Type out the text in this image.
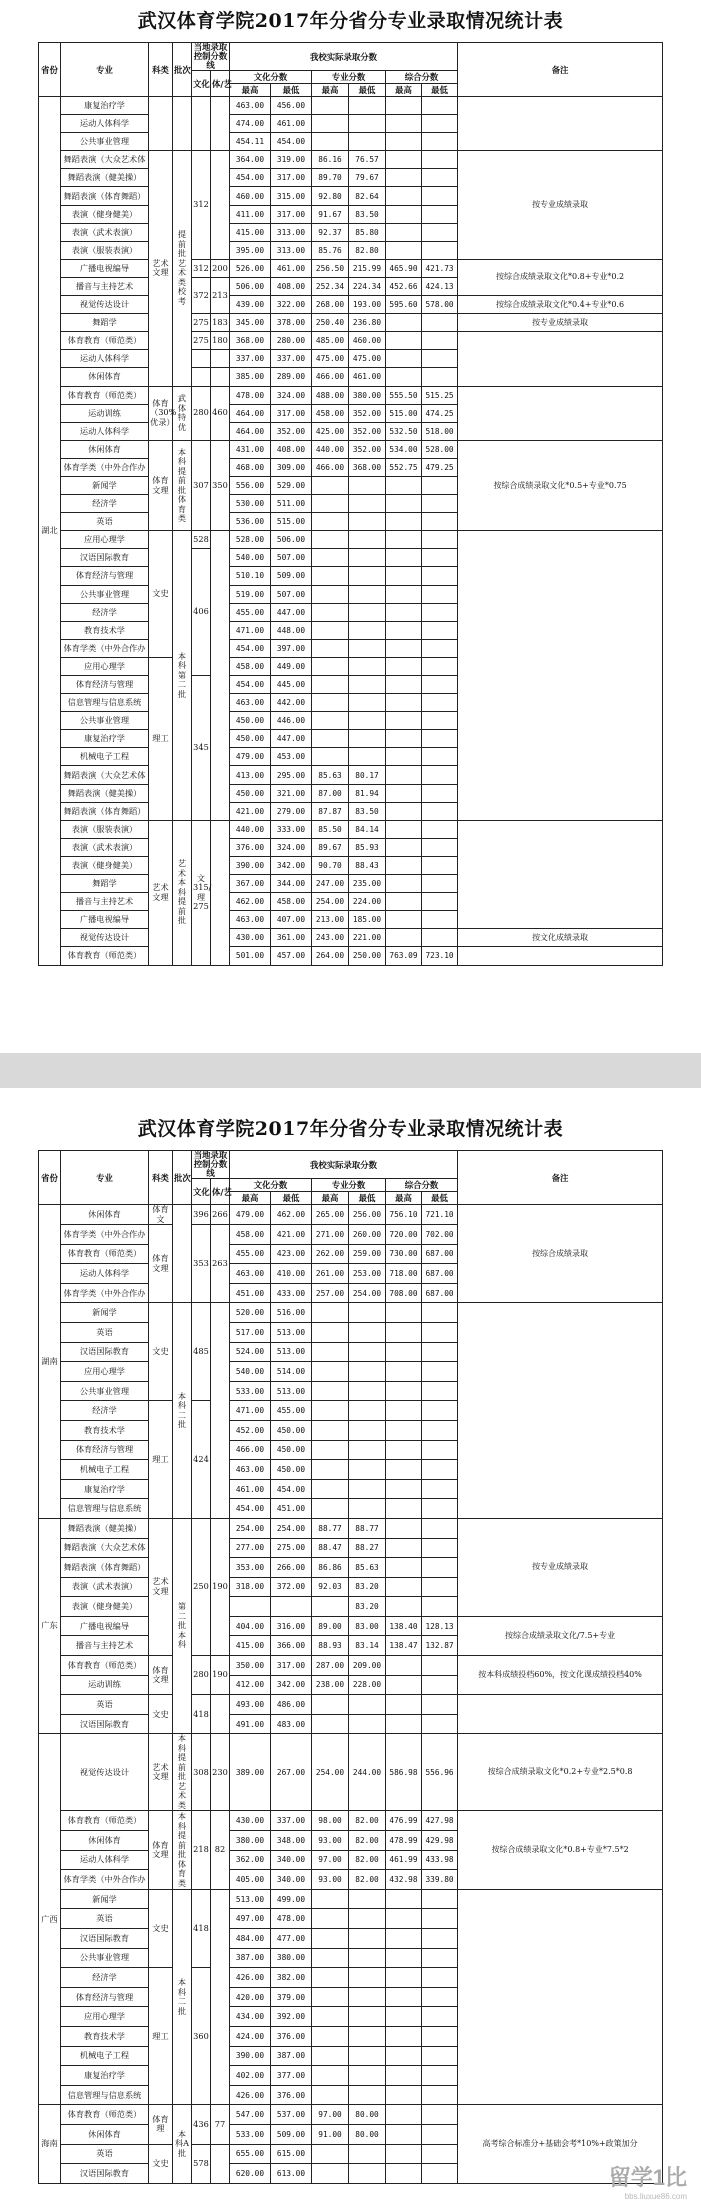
武汉体育学院2017年分省分专业录取情况统计表
省份	专业	科类	批次	当地录取控制分数线		我校实际录取分数						备注
				文化	体/艺	文化分数		专业分数		综合分数		
						最高	最低	最高	最低	最高	最低	
湖北	康复治疗学					463.00	456.00					
	运动人体科学					474.00	461.00					
	公共事业管理					454.11	454.00					
	舞蹈表演（大众艺术体	艺术文理	提前批艺术类校考	312		364.00	319.00	86.16	76.57			按专业成绩录取
	舞蹈表演（健美操）					454.00	317.00	89.70	79.67			
	舞蹈表演（体育舞蹈）					460.00	315.00	92.80	82.64			
	表演（健身健美）					411.00	317.00	91.67	83.50			
	表演（武术表演）					415.00	313.00	92.37	85.80			
	表演（服装表演）					395.00	313.00	85.76	82.80			
	广播电视编导			312	200	526.00	461.00	256.50	215.99	465.90	421.73	按综合成绩录取文化*0.8+专业*0.2
	播音与主持艺术			372	213	506.00	408.00	252.34	224.34	452.66	424.13	
	视觉传达设计					439.00	322.00	268.00	193.00	595.60	578.00	按综合成绩录取文化*0.4+专业*0.6
	舞蹈学			275	183	345.00	378.00	250.40	236.80			按专业成绩录取
	体育教育（师范类）			275	180	368.00	280.00	485.00	460.00			
	运动人体科学					337.00	337.00	475.00	475.00			
	休闲体育					385.00	289.00	466.00	461.00			
	体育教育（师范类）	体育（30%优录）	武体特优	280	460	478.00	324.00	488.00	380.00	555.50	515.25	
	运动训练					464.00	317.00	458.00	352.00	515.00	474.25	
	运动人体科学					464.00	352.00	425.00	352.00	532.50	518.00	
	休闲体育	体育文理	本科提前批体育类	307	350	431.00	408.00	440.00	352.00	534.00	528.00	按综合成绩录取文化*0.5+专业*0.75
	体育学类（中外合作办					468.00	309.00	466.00	368.00	552.75	479.25	
	新闻学					556.00	529.00					
	经济学					530.00	511.00					
	英语					536.00	515.00					
	应用心理学	文史	本科第二批	528		528.00	506.00					
	汉语国际教育			406		540.00	507.00					
	体育经济与管理					510.10	509.00					
	公共事业管理					519.00	507.00					
	经济学					455.00	447.00					
	教育技术学					471.00	448.00					
	体育学类（中外合作办					454.00	397.00					
	应用心理学	理工				458.00	449.00					
	体育经济与管理			345		454.00	445.00					
	信息管理与信息系统					463.00	442.00					
	公共事业管理					450.00	446.00					
	康复治疗学					450.00	447.00					
	机械电子工程					479.00	453.00					
	舞蹈表演（大众艺术体					413.00	295.00	85.63	80.17			
	舞蹈表演（健美操）					450.00	321.00	87.00	81.94			
	舞蹈表演（体育舞蹈）					421.00	279.00	87.87	83.50			
	表演（服装表演）	艺术文理	艺术本科提前批	文315/理275		440.00	333.00	85.50	84.14			
	表演（武术表演）					376.00	324.00	89.67	85.93			
	表演（健身健美）					390.00	342.00	90.70	88.43			
	舞蹈学					367.00	344.00	247.00	235.00			
	播音与主持艺术					462.00	458.00	254.00	224.00			
	广播电视编导					463.00	407.00	213.00	185.00			
	视觉传达设计					430.00	361.00	243.00	221.00			按文化成绩录取
	体育教育（师范类）					501.00	457.00	264.00	250.00	763.09	723.10	
武汉体育学院2017年分省分专业录取情况统计表
省份	专业	科类	批次	当地录取控制分数线		我校实际录取分数						备注
				文化	体/艺	文化分数		专业分数		综合分数		
						最高	最低	最高	最低	最高	最低	
湖南	休闲体育	体育文		396	266	479.00	462.00	265.00	256.00	756.10	721.10	按综合成绩录取
	体育学类（中外合作办	体育文理		353	263	458.00	421.00	271.00	260.00	720.00	702.00	
	体育教育（师范类）					455.00	423.00	262.00	259.00	730.00	687.00	
	运动人体科学					463.00	410.00	261.00	253.00	718.00	687.00	
	体育学类（中外合作办					451.00	433.00	257.00	254.00	708.00	687.00	
	新闻学	文史	本科二批	485		520.00	516.00					
	英语					517.00	513.00					
	汉语国际教育					524.00	513.00					
	应用心理学					540.00	514.00					
	公共事业管理					533.00	513.00					
	经济学	理工		424		471.00	455.00					
	教育技术学					452.00	450.00					
	体育经济与管理					466.00	450.00					
	机械电子工程					463.00	450.00					
	康复治疗学					461.00	454.00					
	信息管理与信息系统					454.00	451.00					
广东	舞蹈表演（健美操）	艺术文理	第二批本科	250	190	254.00	254.00	88.77	88.77			按专业成绩录取
	舞蹈表演（大众艺术体					277.00	275.00	88.47	88.27			
	舞蹈表演（体育舞蹈）					353.00	266.00	86.86	85.63			
	表演（武术表演）					318.00	372.00	92.03	83.20			
	表演（健身健美）								83.20			
	广播电视编导					404.00	316.00	89.00	83.00	138.40	128.13	按综合成绩录取文化/7.5+专业
	播音与主持艺术					415.00	366.00	88.93	83.14	138.47	132.87	
	体育教育（师范类）	体育文理		280	190	350.00	317.00	287.00	209.00			按本科成绩投档60%，按文化课成绩投档40%
	运动训练					412.00	342.00	238.00	228.00			
	英语	文史		418		493.00	486.00					
	汉语国际教育					491.00	483.00					
广西	视觉传达设计	艺术文理	本科提前批艺术类	308	230	389.00	267.00	254.00	244.00	586.98	556.96	按综合成绩录取文化*0.2+专业*2.5*0.8
	体育教育（师范类）	体育文理	本科提前批体育类	218	82	430.00	337.00	98.00	82.00	476.99	427.98	按综合成绩录取文化*0.8+专业*7.5*2
	休闲体育					380.00	348.00	93.00	82.00	478.99	429.98	
	运动人体科学					362.00	340.00	97.00	82.00	461.99	433.98	
	体育学类（中外合作办					405.00	340.00	93.00	82.00	432.98	339.80	
	新闻学	文史	本科二批	418		513.00	499.00					
	英语					497.00	478.00					
	汉语国际教育					484.00	477.00					
	公共事业管理					387.00	380.00					
	经济学	理工		360		426.00	382.00					
	体育经济与管理					420.00	379.00					
	应用心理学					434.00	392.00					
	教育技术学					424.00	376.00					
	机械电子工程					390.00	387.00					
	康复治疗学					402.00	377.00					
	信息管理与信息系统					426.00	376.00					
海南	体育教育（师范类）	体育理	本科A批	436	77	547.00	537.00	97.00	80.00			高考综合标准分+基础会考*10%+政策加分
	休闲体育					533.00	509.00	91.00	80.00			
	英语	文史		578		655.00	615.00					
	汉语国际教育					620.00	613.00						留学1比
bbs.liuxue86.com
